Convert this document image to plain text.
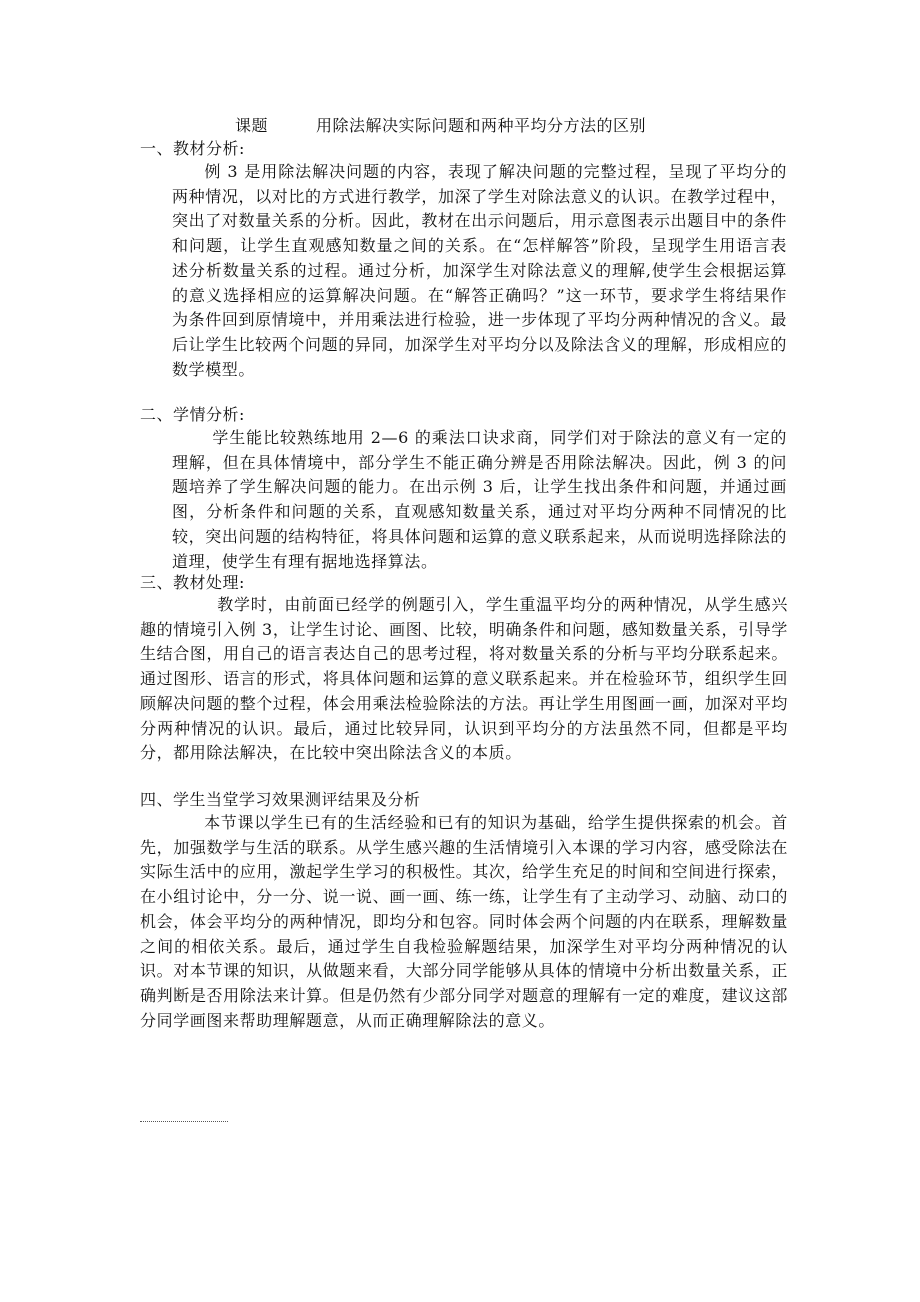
课题	用除法解决实际问题和两种平均分方法的区别
一、教材分析:
例 3 是用除法解决问题的内容，表现了解决问题的完整过程，呈现了平均分的两种情况，以对比的方式进行教学，加深了学生对除法意义的认识。在教学过程中，突出了对数量关系的分析。因此，教材在出示问题后，用示意图表示出题目中的条件和问题，让学生直观感知数量之间的关系。在“怎样解答”阶段，呈现学生用语言表述分析数量关系的过程。通过分析，加深学生对除法意义的理解,使学生会根据运算的意义选择相应的运算解决问题。在“解答正确吗？”这一环节，要求学生将结果作为条件回到原情境中，并用乘法进行检验，进一步体现了平均分两种情况的含义。最后让学生比较两个问题的异同，加深学生对平均分以及除法含义的理解，形成相应的数学模型。
二、学情分析:
学生能比较熟练地用 2—6 的乘法口诀求商，同学们对于除法的意义有一定的理解，但在具体情境中，部分学生不能正确分辨是否用除法解决。因此，例 3 的问题培养了学生解决问题的能力。在出示例 3 后，让学生找出条件和问题，并通过画图，分析条件和问题的关系，直观感知数量关系，通过对平均分两种不同情况的比较，突出问题的结构特征，将具体问题和运算的意义联系起来，从而说明选择除法的道理，使学生有理有据地选择算法。
三、教材处理:
教学时，由前面已经学的例题引入，学生重温平均分的两种情况，从学生感兴趣的情境引入例 3，让学生讨论、画图、比较，明确条件和问题，感知数量关系，引导学生结合图，用自己的语言表达自己的思考过程，将对数量关系的分析与平均分联系起来。通过图形、语言的形式，将具体问题和运算的意义联系起来。并在检验环节，组织学生回顾解决问题的整个过程，体会用乘法检验除法的方法。再让学生用图画一画，加深对平均分两种情况的认识。最后，通过比较异同，认识到平均分的方法虽然不同，但都是平均分，都用除法解决，在比较中突出除法含义的本质。
四、学生当堂学习效果测评结果及分析
本节课以学生已有的生活经验和已有的知识为基础，给学生提供探索的机会。首先，加强数学与生活的联系。从学生感兴趣的生活情境引入本课的学习内容，感受除法在实际生活中的应用，激起学生学习的积极性。其次，给学生充足的时间和空间进行探索，在小组讨论中，分一分、说一说、画一画、练一练，让学生有了主动学习、动脑、动口的机会，体会平均分的两种情况，即均分和包容。同时体会两个问题的内在联系，理解数量之间的相依关系。最后，通过学生自我检验解题结果，加深学生对平均分两种情况的认识。对本节课的知识，从做题来看，大部分同学能够从具体的情境中分析出数量关系，正确判断是否用除法来计算。但是仍然有少部分同学对题意的理解有一定的难度，建议这部分同学画图来帮助理解题意，从而正确理解除法的意义。
